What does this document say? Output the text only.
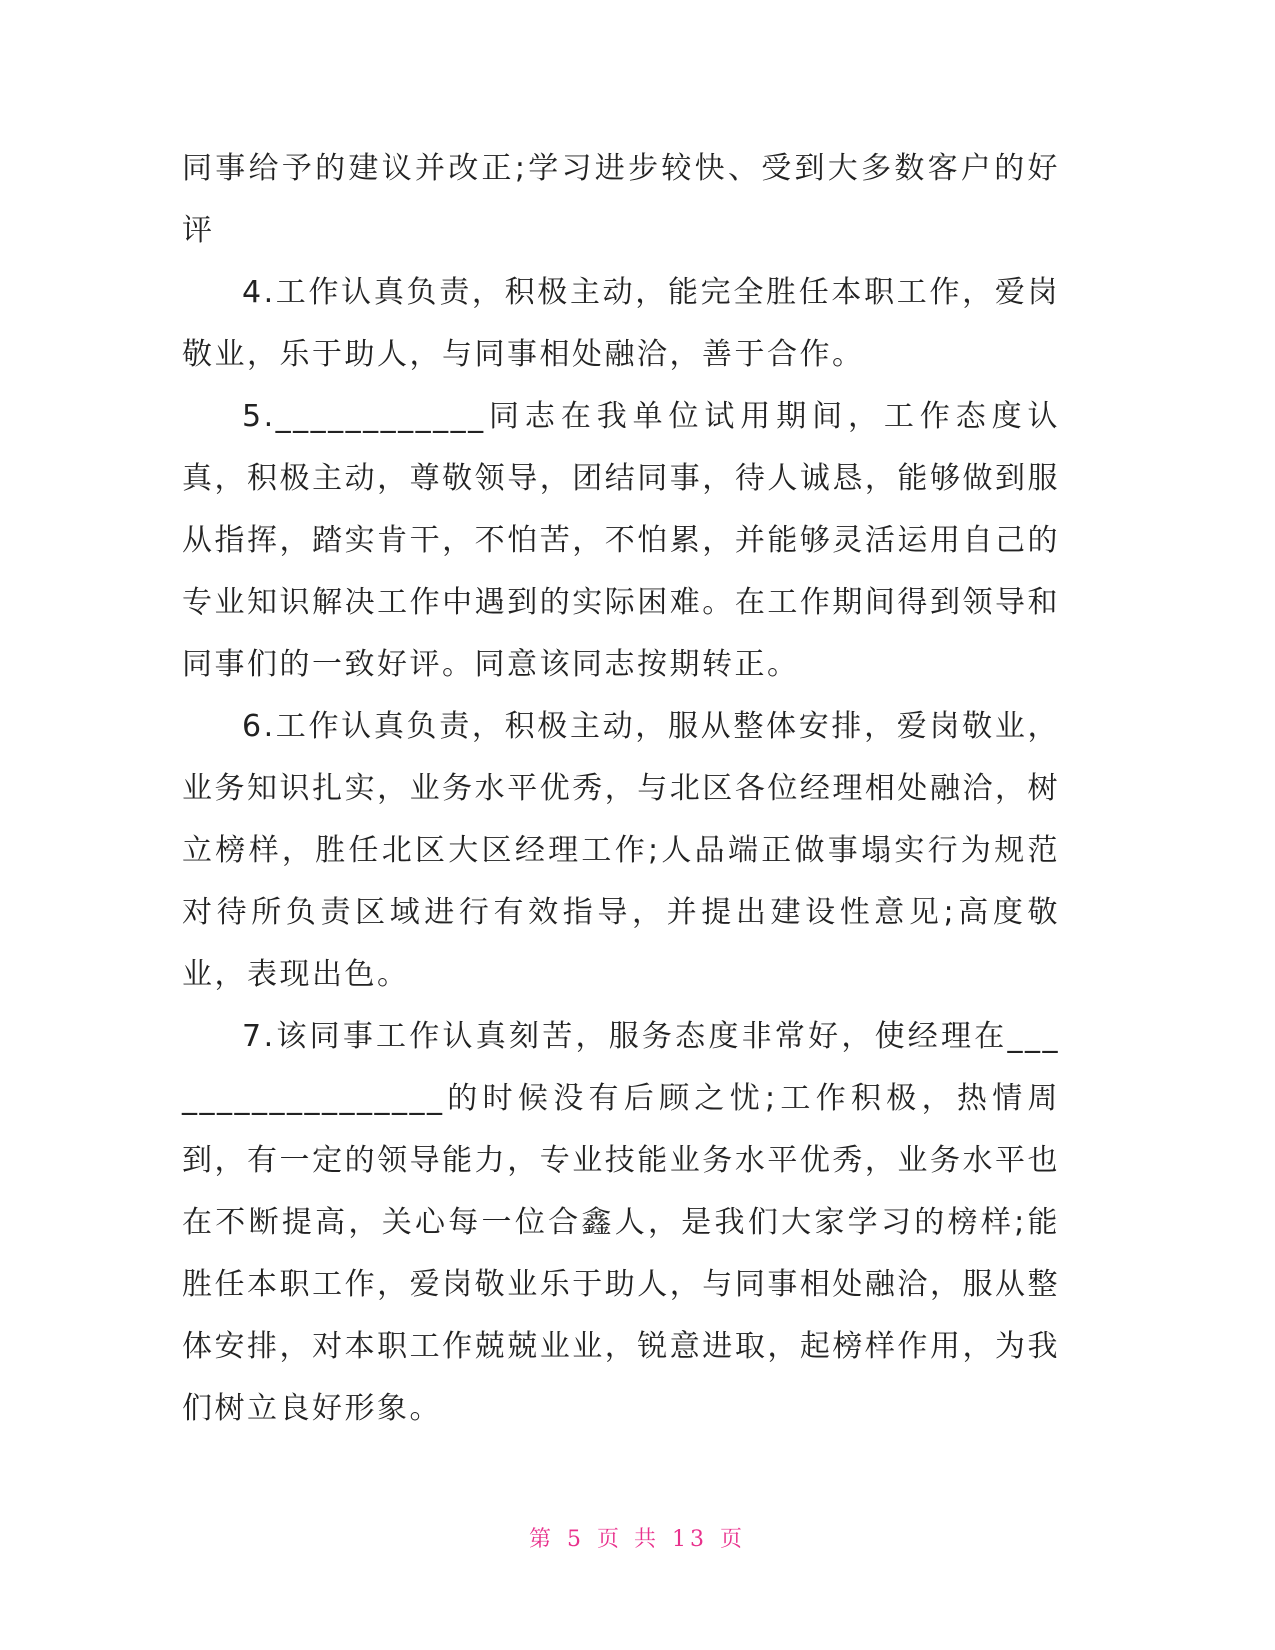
同事给予的建议并改正;学习进步较快、受到大多数客户的好评

4.工作认真负责，积极主动，能完全胜任本职工作，爱岗敬业，乐于助人，与同事相处融洽，善于合作。

5.____________同志在我单位试用期间，工作态度认真，积极主动，尊敬领导，团结同事，待人诚恳，能够做到服从指挥，踏实肯干，不怕苦，不怕累，并能够灵活运用自己的专业知识解决工作中遇到的实际困难。在工作期间得到领导和同事们的一致好评。同意该同志按期转正。

6.工作认真负责，积极主动，服从整体安排，爱岗敬业，业务知识扎实，业务水平优秀，与北区各位经理相处融洽，树立榜样，胜任北区大区经理工作;人品端正做事塌实行为规范对待所负责区域进行有效指导，并提出建设性意见;高度敬业，表现出色。

7.该同事工作认真刻苦，服务态度非常好，使经理在__________________的时候没有后顾之忧;工作积极，热情周到，有一定的领导能力，专业技能业务水平优秀，业务水平也在不断提高，关心每一位合鑫人，是我们大家学习的榜样;能胜任本职工作，爱岗敬业乐于助人，与同事相处融洽，服从整体安排，对本职工作兢兢业业，锐意进取，起榜样作用，为我们树立良好形象。

第 5 页 共 13 页
